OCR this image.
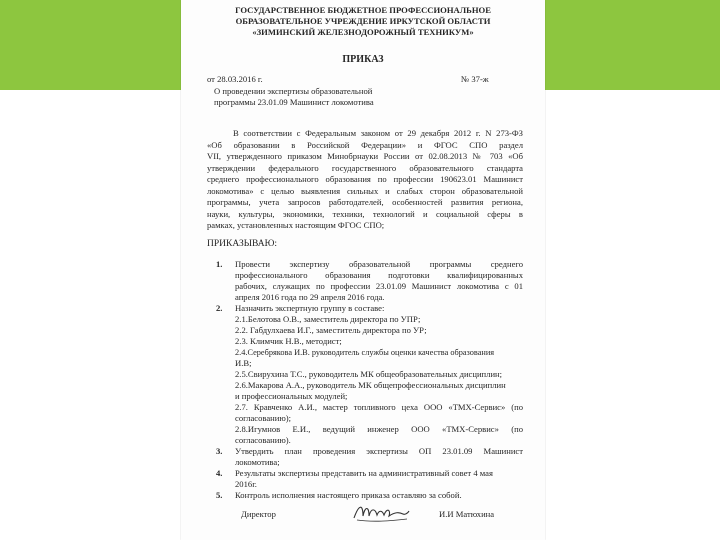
ГОСУДАРСТВЕННОЕ БЮДЖЕТНОЕ ПРОФЕССИОНАЛЬНОЕ
ОБРАЗОВАТЕЛЬНОЕ УЧРЕЖДЕНИЕ ИРКУТСКОЙ ОБЛАСТИ
«ЗИМИНСКИЙ ЖЕЛЕЗНОДОРОЖНЫЙ ТЕХНИКУМ»
ПРИКАЗ
от 28.03.2016 г.	№ 37-ж
О проведении экспертизы образовательной
программы 23.01.09 Машинист локомотива
В соответствии с Федеральным законом от 29 декабря 2012 г. N 273-ФЗ
«Об образовании в Российской Федерации» и ФГОС СПО раздел
VII, утвержденного приказом Минобрнауки России от 02.08.2013 № 703 «Об
утверждении федерального государственного образовательного стандарта
среднего профессионального образования по профессии 190623.01 Машинист
локомотива» с целью выявления сильных и слабых сторон образовательной
программы, учета запросов работодателей, особенностей развития региона,
науки, культуры, экономики, техники, технологий и социальной сферы в
рамках, установленных настоящим ФГОС СПО;
ПРИКАЗЫВАЮ:
1. Провести экспертизу образовательной программы среднего
профессионального образования подготовки квалифицированных
рабочих, служащих по профессии 23.01.09 Машинист локомотива с 01
апреля 2016 года по 29 апреля 2016 года.
2. Назначить экспертную группу в составе:
2.1.Белотова О.В., заместитель директора по УПР;
2.2. Габдулхаева И.Г., заместитель директора по УР;
2.3. Климчик Н.В., методист;
2.4.Серебрякова И.В. руководитель службы оценки качества образования
И.В;
2.5.Свирухина Т.С., руководитель МК общеобразовательных дисциплин;
2.6.Макарова А.А., руководитель МК общепрофессиональных дисциплин
и профессиональных модулей;
2.7. Кравченко А.И., мастер топливного цеха ООО «ТМХ-Сервис» (по
согласованию);
2.8.Игумнов Е.И., ведущий инженер ООО «ТМХ-Сервис» (по
согласованию).
3. Утвердить план проведения экспертизы ОП 23.01.09 Машинист
локомотива;
4. Результаты экспертизы представить на административный совет 4 мая
2016г.
5. Контроль исполнения настоящего приказа оставляю за собой.
Директор	И.И Матюхина
